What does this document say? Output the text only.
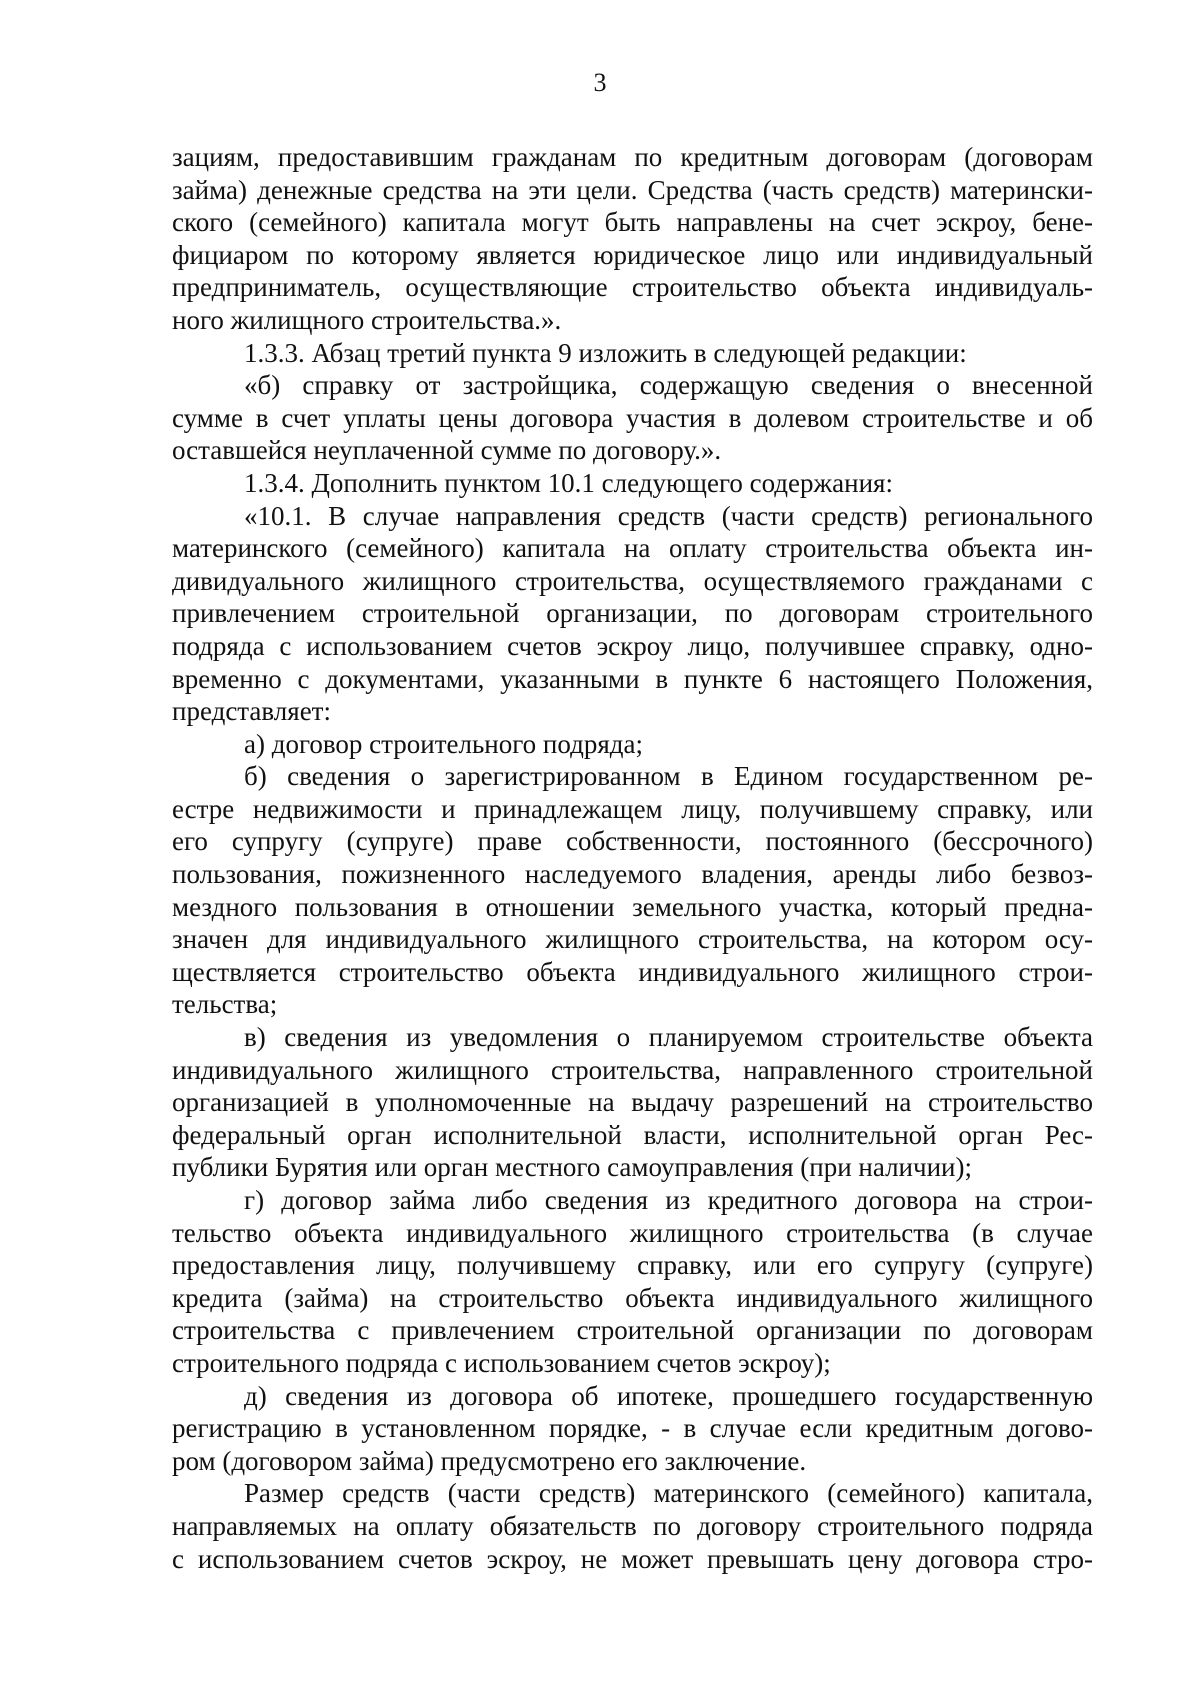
3
зациям, предоставившим гражданам по кредитным договорам (договорам
займа) денежные средства на эти цели. Средства (часть средств) матерински-
ского (семейного) капитала могут быть направлены на счет эскроу, бене-
фициаром по которому является юридическое лицо или индивидуальный
предприниматель, осуществляющие строительство объекта индивидуаль-
ного жилищного строительства.».
1.3.3. Абзац третий пункта 9 изложить в следующей редакции:
«б) справку от застройщика, содержащую сведения о внесенной
сумме в счет уплаты цены договора участия в долевом строительстве и об
оставшейся неуплаченной сумме по договору.».
1.3.4. Дополнить пунктом 10.1 следующего содержания:
«10.1. В случае направления средств (части средств) регионального
материнского (семейного) капитала на оплату строительства объекта ин-
дивидуального жилищного строительства, осуществляемого гражданами с
привлечением строительной организации, по договорам строительного
подряда с использованием счетов эскроу лицо, получившее справку, одно-
временно с документами, указанными в пункте 6 настоящего Положения,
представляет:
а) договор строительного подряда;
б) сведения о зарегистрированном в Едином государственном ре-
естре недвижимости и принадлежащем лицу, получившему справку, или
его супругу (супруге) праве собственности, постоянного (бессрочного)
пользования, пожизненного наследуемого владения, аренды либо безвоз-
мездного пользования в отношении земельного участка, который предна-
значен для индивидуального жилищного строительства, на котором осу-
ществляется строительство объекта индивидуального жилищного строи-
тельства;
в) сведения из уведомления о планируемом строительстве объекта
индивидуального жилищного строительства, направленного строительной
организацией в уполномоченные на выдачу разрешений на строительство
федеральный орган исполнительной власти, исполнительной орган Рес-
публики Бурятия или орган местного самоуправления (при наличии);
г) договор займа либо сведения из кредитного договора на строи-
тельство объекта индивидуального жилищного строительства (в случае
предоставления лицу, получившему справку, или его супругу (супруге)
кредита (займа) на строительство объекта индивидуального жилищного
строительства с привлечением строительной организации по договорам
строительного подряда с использованием счетов эскроу);
д) сведения из договора об ипотеке, прошедшего государственную
регистрацию в установленном порядке, - в случае если кредитным догово-
ром (договором займа) предусмотрено его заключение.
Размер средств (части средств) материнского (семейного) капитала,
направляемых на оплату обязательств по договору строительного подряда
с использованием счетов эскроу, не может превышать цену договора стро-
